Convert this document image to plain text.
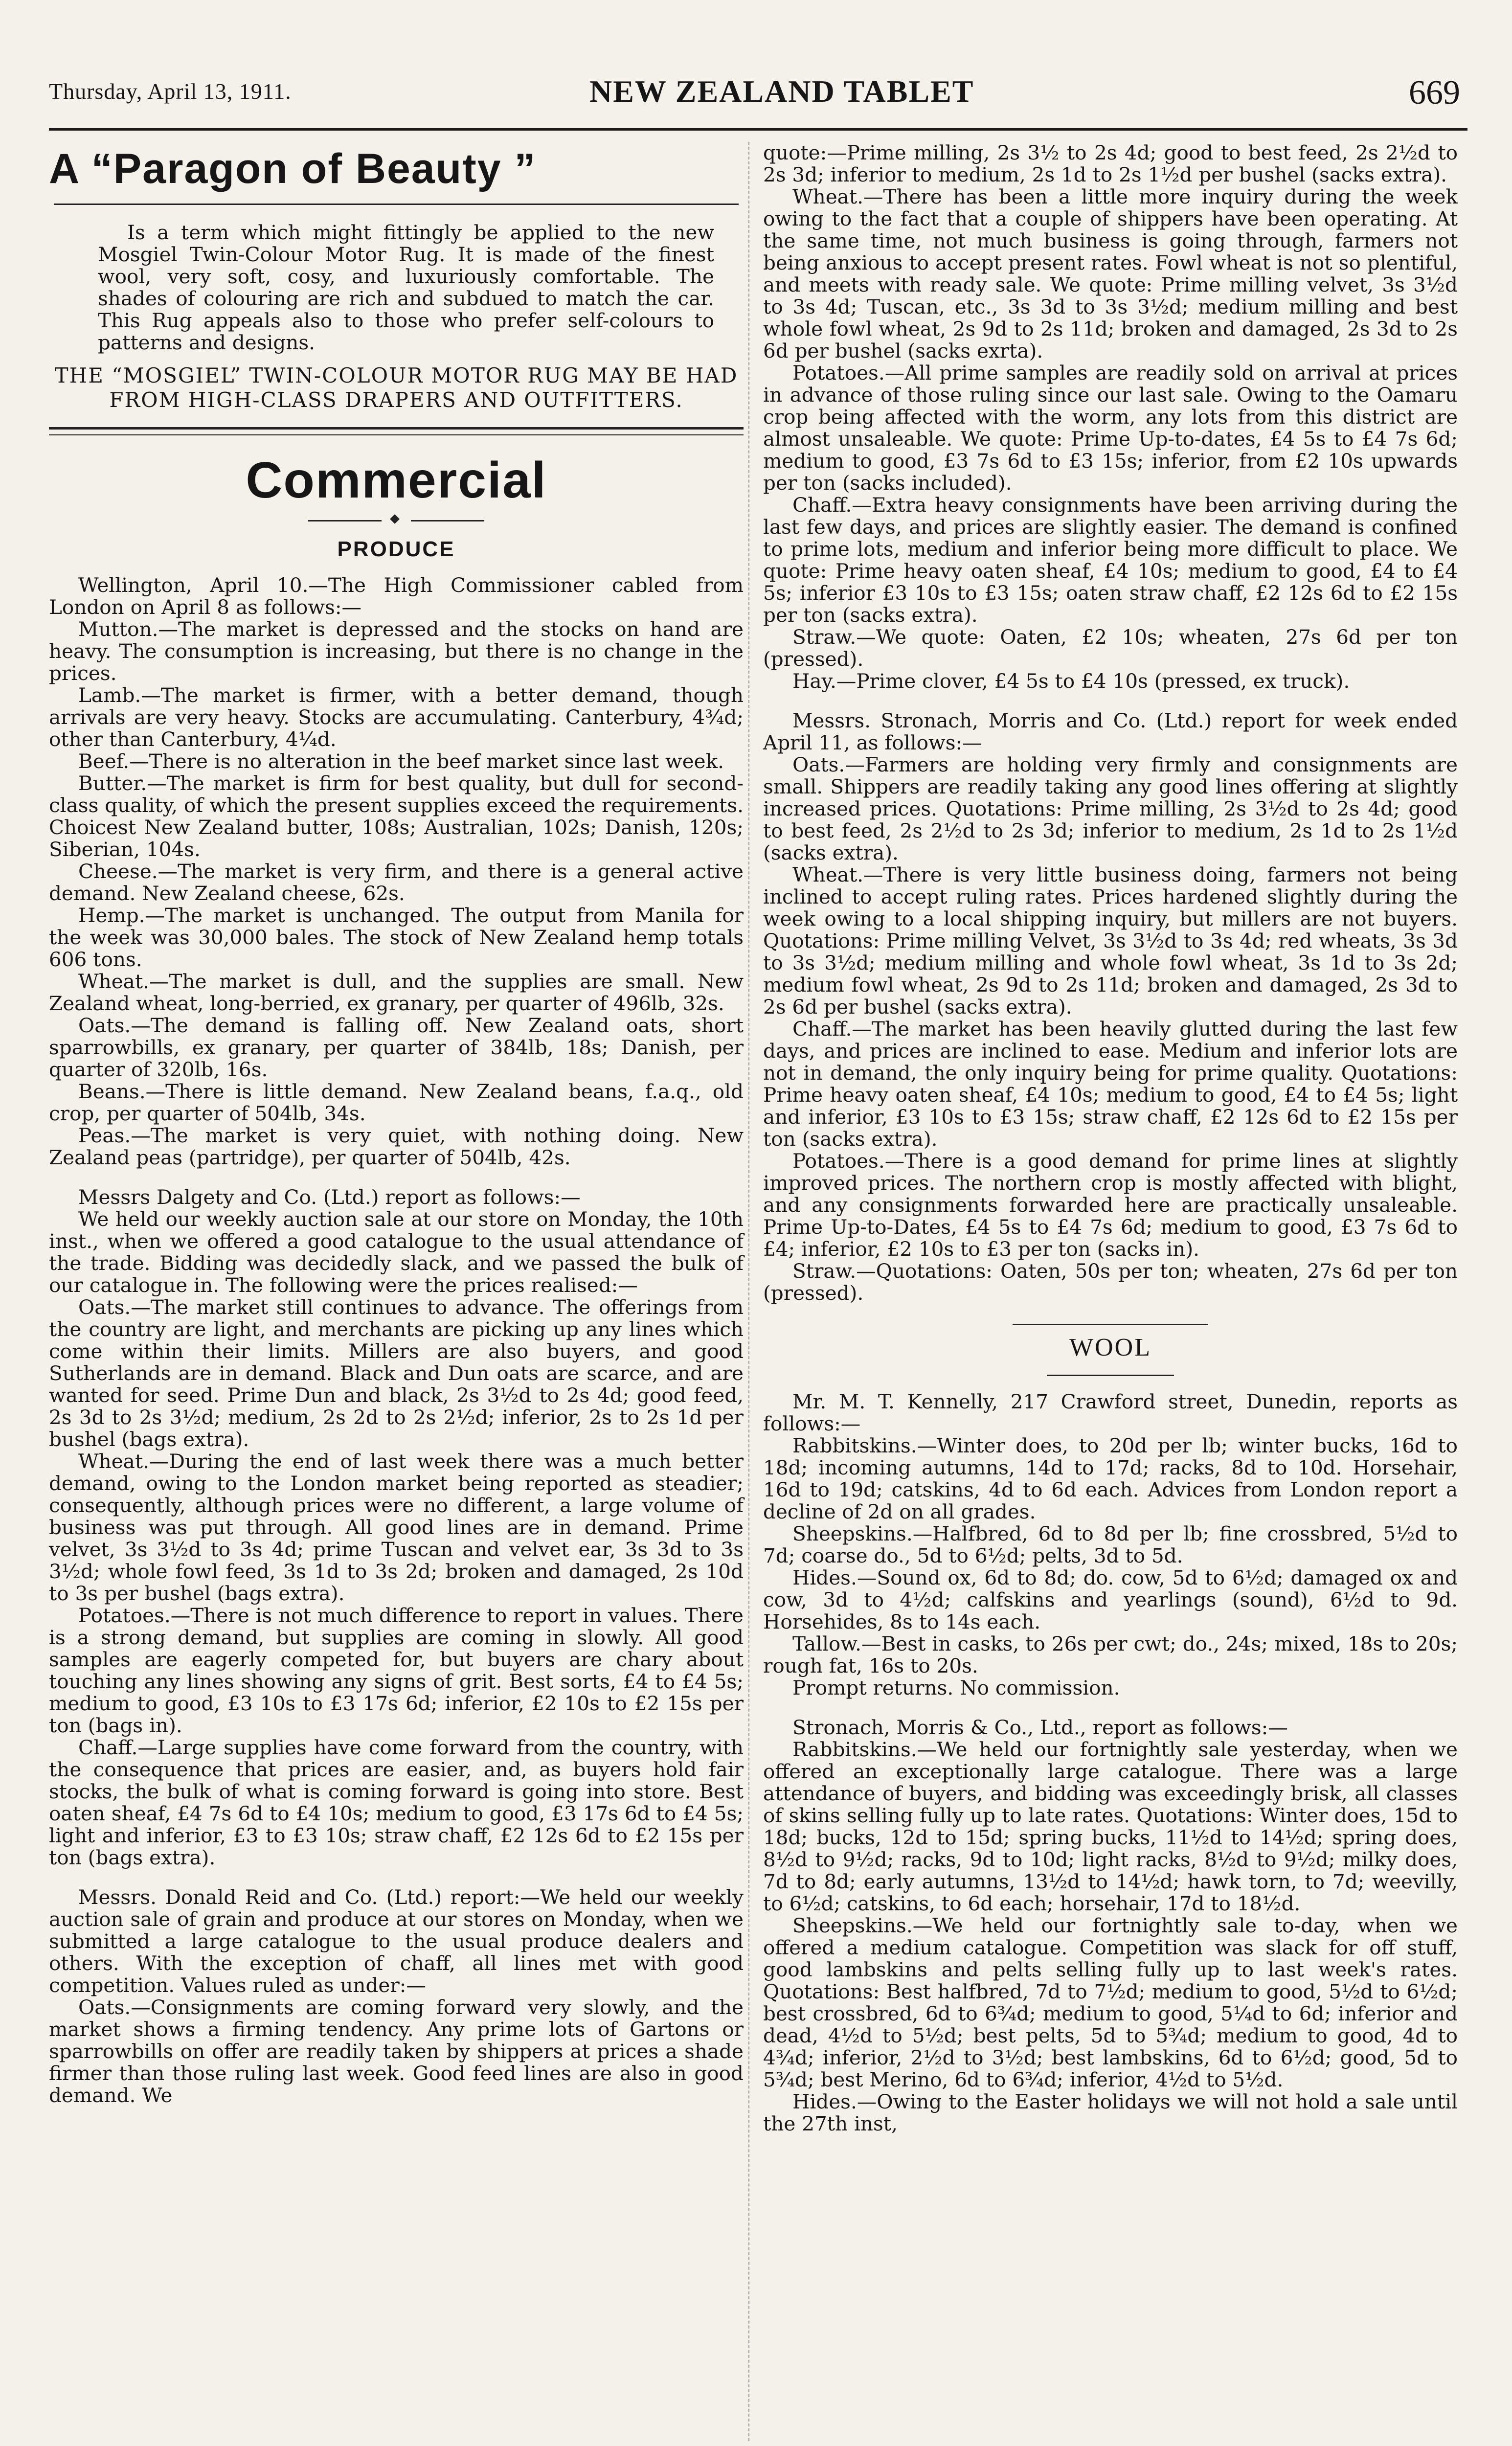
Thursday, April 13, 1911.	NEW ZEALAND TABLET	669
A “Paragon of Beauty ”

Is a term which might fittingly be applied to the new Mosgiel Twin-Colour Motor Rug. It is made of the finest wool, very soft, cosy, and luxuriously comfortable. The shades of colouring are rich and subdued to match the car. This Rug appeals also to those who prefer self-colours to patterns and designs.

THE “MOSGIEL” TWIN-COLOUR MOTOR RUG MAY BE HAD FROM HIGH-CLASS DRAPERS AND OUTFITTERS.

Commercial
PRODUCE

Wellington, April 10.—The High Commissioner cabled from London on April 8 as follows:—

Mutton.—The market is depressed and the stocks on hand are heavy. The consumption is increasing, but there is no change in the prices.

Lamb.—The market is firmer, with a better demand, though arrivals are very heavy. Stocks are accumulating. Canterbury, 4¾d; other than Canterbury, 4¼d.

Beef.—There is no alteration in the beef market since last week.

Butter.—The market is firm for best quality, but dull for second-class quality, of which the present supplies exceed the requirements. Choicest New Zealand butter, 108s; Australian, 102s; Danish, 120s; Siberian, 104s.

Cheese.—The market is very firm, and there is a general active demand. New Zealand cheese, 62s.

Hemp.—The market is unchanged. The output from Manila for the week was 30,000 bales. The stock of New Zealand hemp totals 606 tons.

Wheat.—The market is dull, and the supplies are small. New Zealand wheat, long-berried, ex granary, per quarter of 496lb, 32s.

Oats.—The demand is falling off. New Zealand oats, short sparrowbills, ex granary, per quarter of 384lb, 18s; Danish, per quarter of 320lb, 16s.

Beans.—There is little demand. New Zealand beans, f.a.q., old crop, per quarter of 504lb, 34s.

Peas.—The market is very quiet, with nothing doing. New Zealand peas (partridge), per quarter of 504lb, 42s.

Messrs Dalgety and Co. (Ltd.) report as follows:—

We held our weekly auction sale at our store on Monday, the 10th inst., when we offered a good catalogue to the usual attendance of the trade. Bidding was decidedly slack, and we passed the bulk of our catalogue in. The following were the prices realised:—

Oats.—The market still continues to advance. The offerings from the country are light, and merchants are picking up any lines which come within their limits. Millers are also buyers, and good Sutherlands are in demand. Black and Dun oats are scarce, and are wanted for seed. Prime Dun and black, 2s 3½d to 2s 4d; good feed, 2s 3d to 2s 3½d; medium, 2s 2d to 2s 2½d; inferior, 2s to 2s 1d per bushel (bags extra).

Wheat.—During the end of last week there was a much better demand, owing to the London market being reported as steadier; consequently, although prices were no different, a large volume of business was put through. All good lines are in demand. Prime velvet, 3s 3½d to 3s 4d; prime Tuscan and velvet ear, 3s 3d to 3s 3½d; whole fowl feed, 3s 1d to 3s 2d; broken and damaged, 2s 10d to 3s per bushel (bags extra).

Potatoes.—There is not much difference to report in values. There is a strong demand, but supplies are coming in slowly. All good samples are eagerly competed for, but buyers are chary about touching any lines showing any signs of grit. Best sorts, £4 to £4 5s; medium to good, £3 10s to £3 17s 6d; inferior, £2 10s to £2 15s per ton (bags in).

Chaff.—Large supplies have come forward from the country, with the consequence that prices are easier, and, as buyers hold fair stocks, the bulk of what is coming forward is going into store. Best oaten sheaf, £4 7s 6d to £4 10s; medium to good, £3 17s 6d to £4 5s; light and inferior, £3 to £3 10s; straw chaff, £2 12s 6d to £2 15s per ton (bags extra).

Messrs. Donald Reid and Co. (Ltd.) report:—We held our weekly auction sale of grain and produce at our stores on Monday, when we submitted a large catalogue to the usual produce dealers and others. With the exception of chaff, all lines met with good competition. Values ruled as under:—

Oats.—Consignments are coming forward very slowly, and the market shows a firming tendency. Any prime lots of Gartons or sparrowbills on offer are readily taken by shippers at prices a shade firmer than those ruling last week. Good feed lines are also in good demand. We

quote:—Prime milling, 2s 3½ to 2s 4d; good to best feed, 2s 2½d to 2s 3d; inferior to medium, 2s 1d to 2s 1½d per bushel (sacks extra).

Wheat.—There has been a little more inquiry during the week owing to the fact that a couple of shippers have been operating. At the same time, not much business is going through, farmers not being anxious to accept present rates. Fowl wheat is not so plentiful, and meets with ready sale. We quote: Prime milling velvet, 3s 3½d to 3s 4d; Tuscan, etc., 3s 3d to 3s 3½d; medium milling and best whole fowl wheat, 2s 9d to 2s 11d; broken and damaged, 2s 3d to 2s 6d per bushel (sacks exrta).

Potatoes.—All prime samples are readily sold on arrival at prices in advance of those ruling since our last sale. Owing to the Oamaru crop being affected with the worm, any lots from this district are almost unsaleable. We quote: Prime Up-to-dates, £4 5s to £4 7s 6d; medium to good, £3 7s 6d to £3 15s; inferior, from £2 10s upwards per ton (sacks included).

Chaff.—Extra heavy consignments have been arriving during the last few days, and prices are slightly easier. The demand is confined to prime lots, medium and inferior being more difficult to place. We quote: Prime heavy oaten sheaf, £4 10s; medium to good, £4 to £4 5s; inferior £3 10s to £3 15s; oaten straw chaff, £2 12s 6d to £2 15s per ton (sacks extra).

Straw.—We quote: Oaten, £2 10s; wheaten, 27s 6d per ton (pressed).

Hay.—Prime clover, £4 5s to £4 10s (pressed, ex truck).

Messrs. Stronach, Morris and Co. (Ltd.) report for week ended April 11, as follows:—

Oats.—Farmers are holding very firmly and consignments are small. Shippers are readily taking any good lines offering at slightly increased prices. Quotations: Prime milling, 2s 3½d to 2s 4d; good to best feed, 2s 2½d to 2s 3d; inferior to medium, 2s 1d to 2s 1½d (sacks extra).

Wheat.—There is very little business doing, farmers not being inclined to accept ruling rates. Prices hardened slightly during the week owing to a local shipping inquiry, but millers are not buyers. Quotations: Prime milling Velvet, 3s 3½d to 3s 4d; red wheats, 3s 3d to 3s 3½d; medium milling and whole fowl wheat, 3s 1d to 3s 2d; medium fowl wheat, 2s 9d to 2s 11d; broken and damaged, 2s 3d to 2s 6d per bushel (sacks extra).

Chaff.—The market has been heavily glutted during the last few days, and prices are inclined to ease. Medium and inferior lots are not in demand, the only inquiry being for prime quality. Quotations: Prime heavy oaten sheaf, £4 10s; medium to good, £4 to £4 5s; light and inferior, £3 10s to £3 15s; straw chaff, £2 12s 6d to £2 15s per ton (sacks extra).

Potatoes.—There is a good demand for prime lines at slightly improved prices. The northern crop is mostly affected with blight, and any consignments forwarded here are practically unsaleable. Prime Up-to-Dates, £4 5s to £4 7s 6d; medium to good, £3 7s 6d to £4; inferior, £2 10s to £3 per ton (sacks in).

Straw.—Quotations: Oaten, 50s per ton; wheaten, 27s 6d per ton (pressed).

WOOL

Mr. M. T. Kennelly, 217 Crawford street, Dunedin, reports as follows:—

Rabbitskins.—Winter does, to 20d per lb; winter bucks, 16d to 18d; incoming autumns, 14d to 17d; racks, 8d to 10d. Horsehair, 16d to 19d; catskins, 4d to 6d each. Advices from London report a decline of 2d on all grades.

Sheepskins.—Halfbred, 6d to 8d per lb; fine crossbred, 5½d to 7d; coarse do., 5d to 6½d; pelts, 3d to 5d.

Hides.—Sound ox, 6d to 8d; do. cow, 5d to 6½d; damaged ox and cow, 3d to 4½d; calfskins and yearlings (sound), 6½d to 9d. Horsehides, 8s to 14s each.

Tallow.—Best in casks, to 26s per cwt; do., 24s; mixed, 18s to 20s; rough fat, 16s to 20s.

Prompt returns. No commission.

Stronach, Morris & Co., Ltd., report as follows:—

Rabbitskins.—We held our fortnightly sale yesterday, when we offered an exceptionally large catalogue. There was a large attendance of buyers, and bidding was exceedingly brisk, all classes of skins selling fully up to late rates. Quotations: Winter does, 15d to 18d; bucks, 12d to 15d; spring bucks, 11½d to 14½d; spring does, 8½d to 9½d; racks, 9d to 10d; light racks, 8½d to 9½d; milky does, 7d to 8d; early autumns, 13½d to 14½d; hawk torn, to 7d; weevilly, to 6½d; catskins, to 6d each; horsehair, 17d to 18½d.

Sheepskins.—We held our fortnightly sale to-day, when we offered a medium catalogue. Competition was slack for off stuff, good lambskins and pelts selling fully up to last week's rates. Quotations: Best halfbred, 7d to 7½d; medium to good, 5½d to 6½d; best crossbred, 6d to 6¾d; medium to good, 5¼d to 6d; inferior and dead, 4½d to 5½d; best pelts, 5d to 5¾d; medium to good, 4d to 4¾d; inferior, 2½d to 3½d; best lambskins, 6d to 6½d; good, 5d to 5¾d; best Merino, 6d to 6¾d; inferior, 4½d to 5½d.

Hides.—Owing to the Easter holidays we will not hold a sale until the 27th inst,
